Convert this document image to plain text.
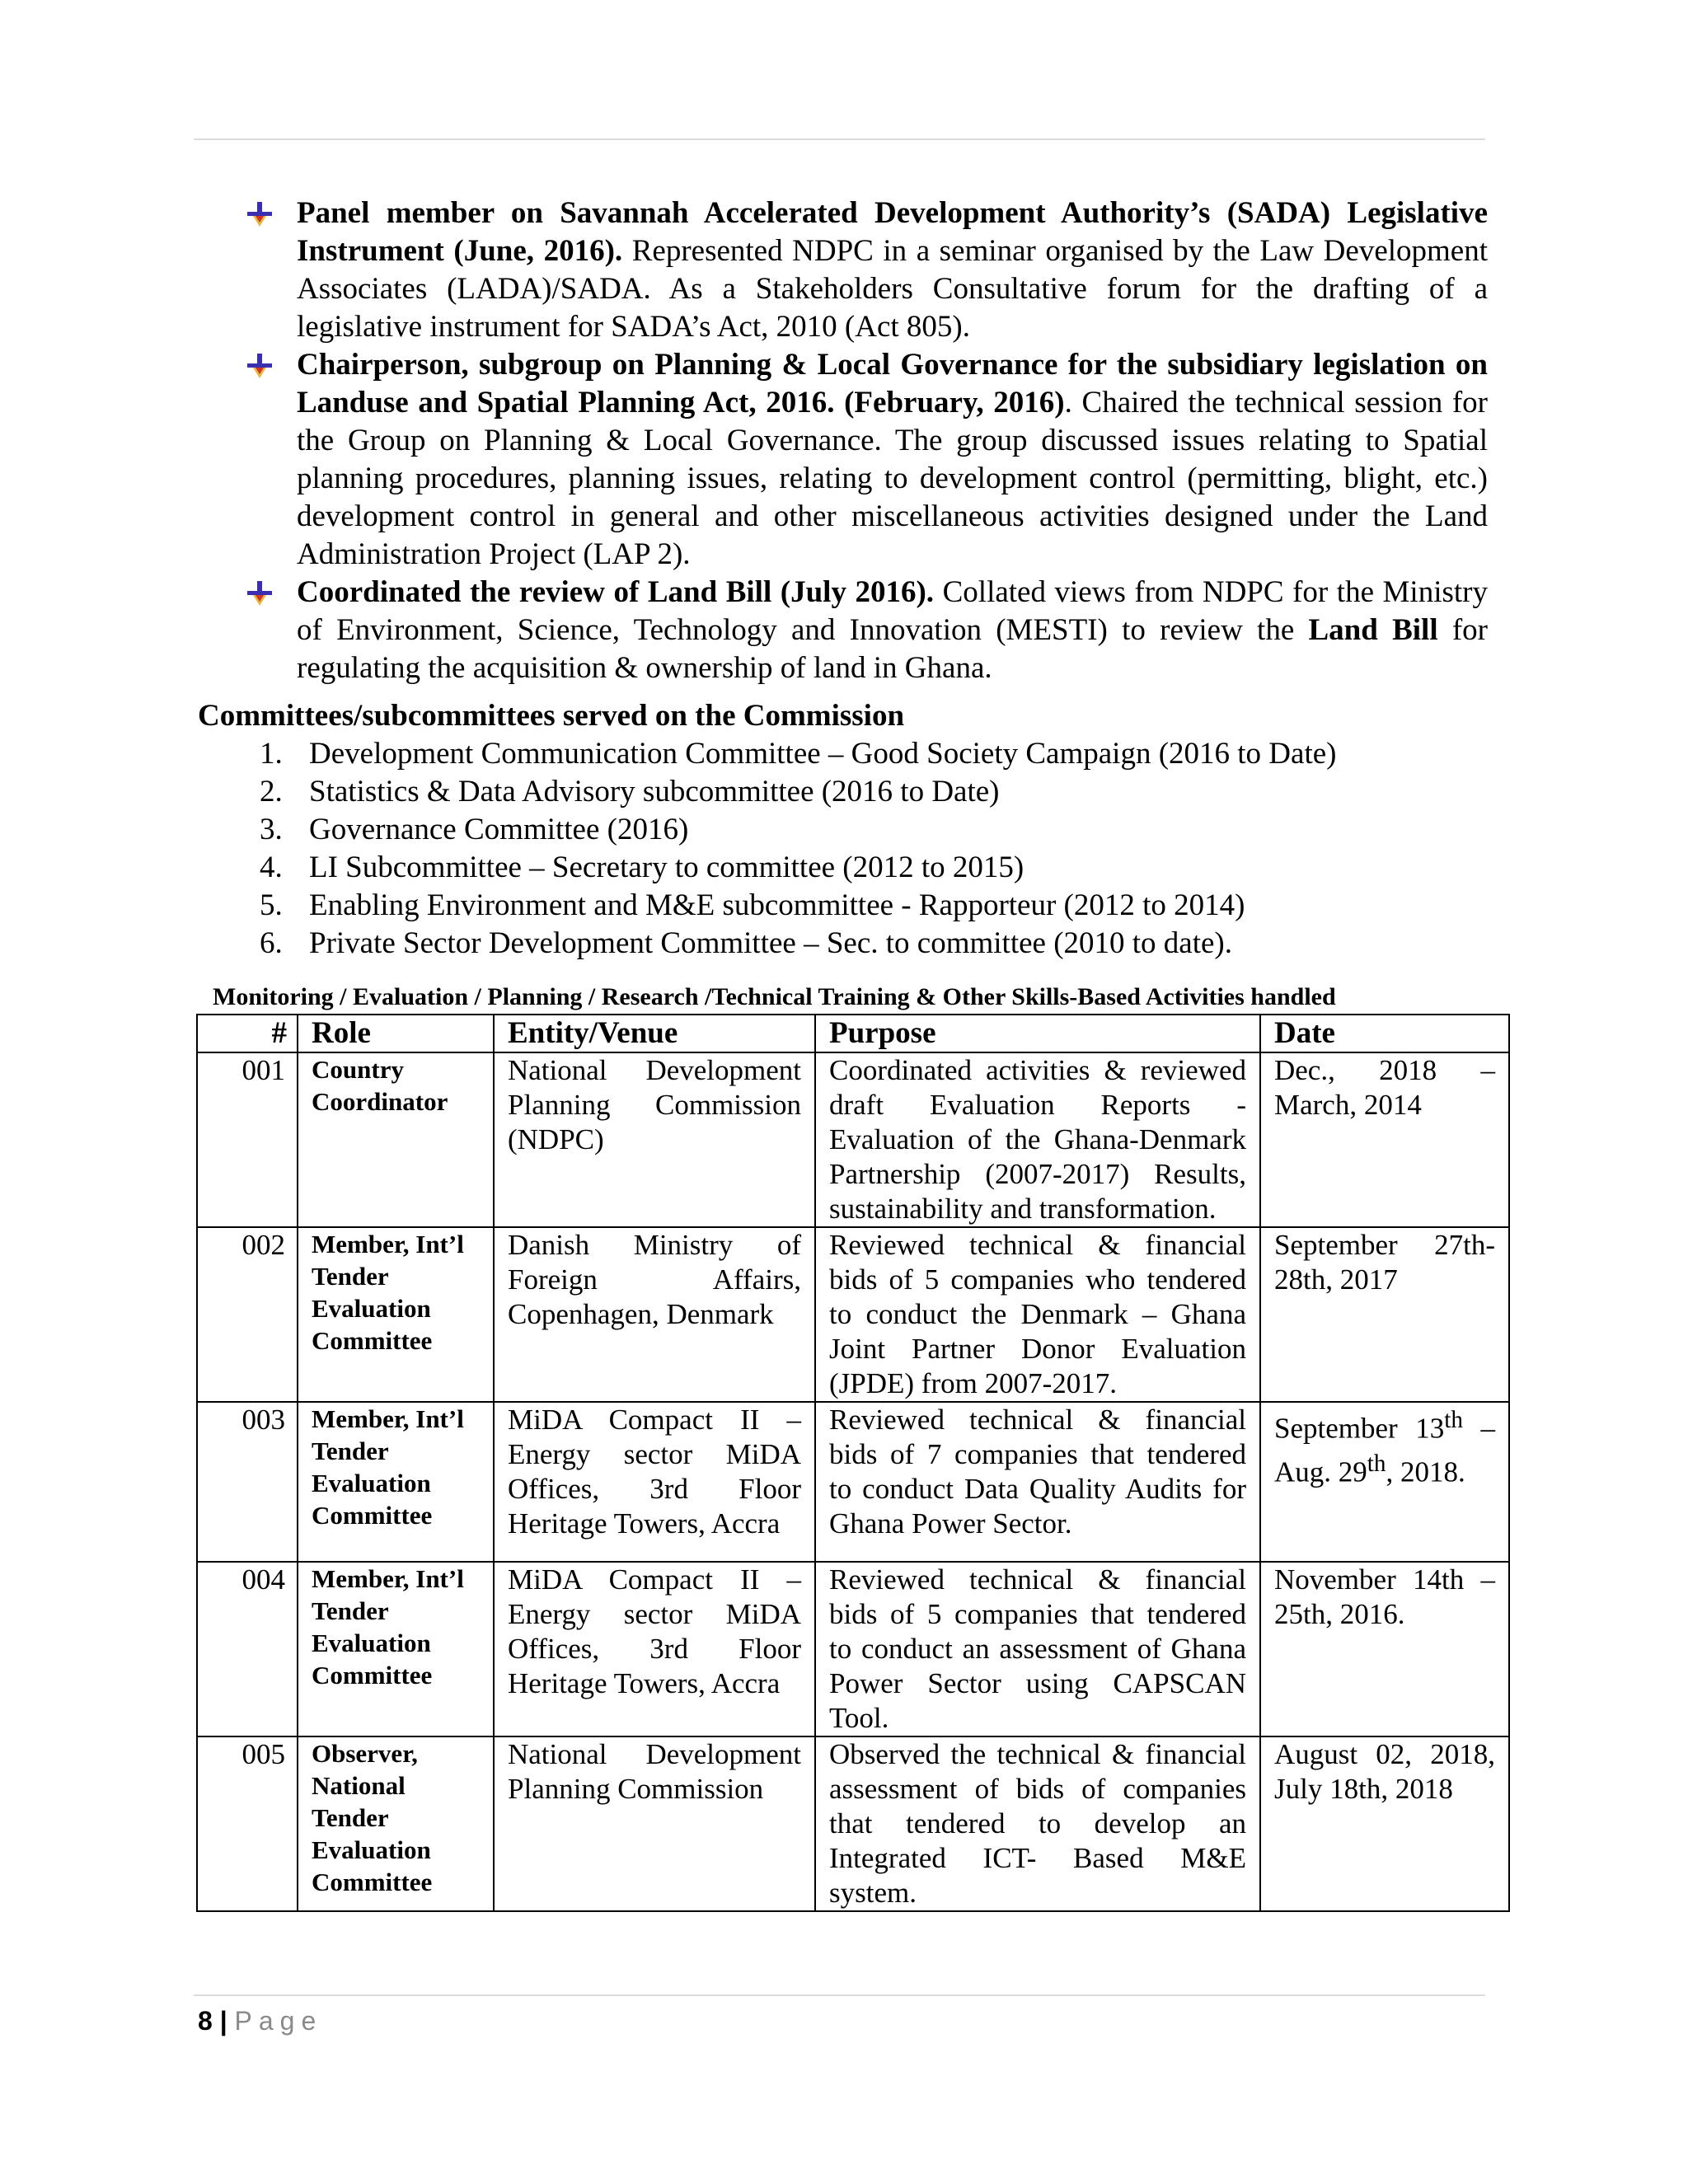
Panel member on Savannah Accelerated Development Authority’s (SADA) Legislative Instrument (June, 2016). Represented NDPC in a seminar organised by the Law Development Associates (LADA)/SADA. As a Stakeholders Consultative forum for the drafting of a legislative instrument for SADA’s Act, 2010 (Act 805).
Chairperson, subgroup on Planning & Local Governance for the subsidiary legislation on Landuse and Spatial Planning Act, 2016. (February, 2016). Chaired the technical session for the Group on Planning & Local Governance. The group discussed issues relating to Spatial planning procedures, planning issues, relating to development control (permitting, blight, etc.) development control in general and other miscellaneous activities designed under the Land Administration Project (LAP 2).
Coordinated the review of Land Bill (July 2016). Collated views from NDPC for the Ministry of Environment, Science, Technology and Innovation (MESTI) to review the Land Bill for regulating the acquisition & ownership of land in Ghana.
Committees/subcommittees served on the Commission
1. Development Communication Committee – Good Society Campaign (2016 to Date)
2. Statistics & Data Advisory subcommittee (2016 to Date)
3. Governance Committee (2016)
4. LI Subcommittee – Secretary to committee (2012 to 2015)
5. Enabling Environment and M&E subcommittee - Rapporteur (2012 to 2014)
6. Private Sector Development Committee – Sec. to committee (2010 to date).
Monitoring / Evaluation / Planning / Research /Technical Training & Other Skills-Based Activities handled
#	Role	Entity/Venue	Purpose	Date
001	Country Coordinator	National Development Planning Commission (NDPC)	Coordinated activities & reviewed draft Evaluation Reports - Evaluation of the Ghana-Denmark Partnership (2007-2017) Results, sustainability and transformation.	Dec., 2018 – March, 2014
002	Member, Int’l Tender Evaluation Committee	Danish Ministry of Foreign Affairs, Copenhagen, Denmark	Reviewed technical & financial bids of 5 companies who tendered to conduct the Denmark – Ghana Joint Partner Donor Evaluation (JPDE) from 2007-2017.	September 27th-28th, 2017
003	Member, Int’l Tender Evaluation Committee	MiDA Compact II – Energy sector MiDA Offices, 3rd Floor Heritage Towers, Accra	Reviewed technical & financial bids of 7 companies that tendered to conduct Data Quality Audits for Ghana Power Sector.	September 13th – Aug. 29th, 2018.
004	Member, Int’l Tender Evaluation Committee	MiDA Compact II – Energy sector MiDA Offices, 3rd Floor Heritage Towers, Accra	Reviewed technical & financial bids of 5 companies that tendered to conduct an assessment of Ghana Power Sector using CAPSCAN Tool.	November 14th – 25th, 2016.
005	Observer, National Tender Evaluation Committee	National Development Planning Commission	Observed the technical & financial assessment of bids of companies that tendered to develop an Integrated ICT- Based M&E system.	August 02, 2018, July 18th, 2018
8 | Page
